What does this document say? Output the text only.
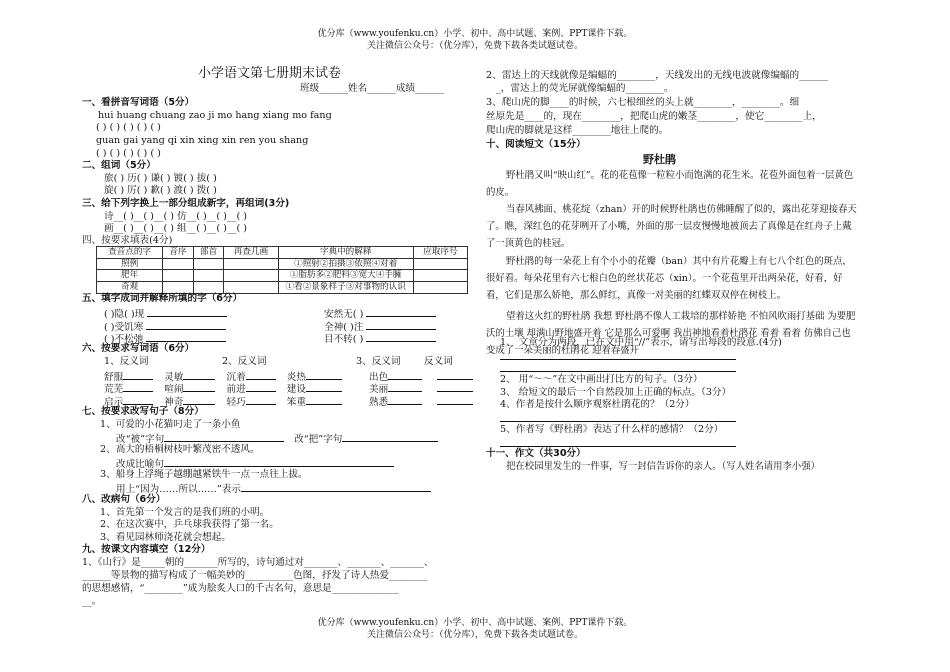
优分库（www.youfenku.cn）小学、初中、高中试题、案例、PPT课件下载。
关注微信公众号：（优分库），免费下载各类试题试卷。
优分库（www.youfenku.cn）小学、初中、高中试题、案例、PPT课件下载。
关注微信公众号：（优分库），免费下载各类试题试卷。
小学语文第七册期末试卷
班级______姓名______成绩______
一、看拼音写词语（5分）
hui huang chuang zao ji mo hang xiang mo fang
( ) ( ) ( ) ( ) ( )
guan gai yang qi xin xing xin ren you shang
( ) ( ) ( ) ( ) ( )
二、组词（5分）
旅( ) 历( ) 谦( ) 镀( ) 拔( )
旋( ) 厉( ) 歉( ) 渡( ) 拨( )
三、给下列字换上一部分组成新字，再组词(3分)
诗__( )__( )__( ) 仿__( )__( )__( )
画__( )__( )__( ) 组__( )__( )__( )
四、按要求填表(4分)
查音点的字	音序	部首	再查几画	字典中的解释	应取序号
照例				①照射②拍摄③依照④对着	
肥年				①脂肪多②肥料③宽大④手臃	
奇观				①看②景象样子③对事物的认识	
五、填字成词并解释所填的字（6分）
( )隐( )现	安然无( )
( )受饥寒	全神( )注
( )不松弛	目不转( )
六、按要求写词语（6分）
1、反义词	2、反义词	3、反义词 反义词
舒服	灵敏	沉着	炎热	出色
荒芜	喧闹	前进	建设	美丽
启示	神奇	轻巧	笨重	熟悉
七、按要求改写句子（8分）
1、可爱的小花猫叼走了一条小鱼
改“被”字句	改“把”字句
2、高大的梧桐树枝叶繁茂密不透风。
改成比喻句
3、船身上浮绳子越绷越紧铁牛一点一点往上拔。
用上“因为……所以……”表示
八、改病句（6分）
1、首先第一个发言的是我们班的小明。
2、在这次赛中，乒乓球我获得了第一名。
3、看见园林师浇花就会想起。
九、按课文内容填空（12分）
1、《山行》是_____朝的_______所写的，诗句通过对_______、_______、_______、
______等景物的描写构成了一幅美妙的__________色图，抒发了诗人热爱________
的思想感情，“________”成为脍炙人口的千古名句，意思是______________
__。
2、雷达上的天线就像是编蝠的________，天线发出的无线电波就像编蝠的______
_，雷达上的荧光屏就像编蝠的________。
3、爬山虎的脚____的时候，六七根细丝的头上就________，________。细
丝原先是____的，现在________，把爬山虎的嫩茎________，使它________上，
爬山虎的脚就是这样________地往上爬的。
十、阅读短文（15分）
野杜鹃
野杜鹃又叫“映山红”。花的花苞像一粒粒小而饱满的花生米。花苞外面包着一层黄色的皮。
当春风拂面、桃花绽（zhan）开的时候野杜鹃也仿佛睡醒了似的，露出花芽迎接春天了。瞧，深红色的花芽咧开了小嘴，外面的那一层皮慢慢地被顶去了真像是在红舟子上戴了一顶黄色的桂冠。
野杜鹃的每一朵花上有个小小的花瓣（ban）其中有片花瓣上有七八个红色的斑点，很好看。每朵花里有六七根白色的丝状花芯（xin）。一个花苞里开出两朵花，好看，好看，它们是那么娇艳，那么鲜红，真像一对美丽的红蝶双双停在树枝上。
望着这火红的野杜鹃 我想 野杜鹃不像人工栽培的那样娇艳 不怕风吹雨打基础 为要肥沃的土壤 却满山野地盛开着 它是那么可爱啊 我出神地看着杜鹃花 看着 看着 仿佛自己也变成了一朵美丽的杜鹃花 迎着春盛开
1、 文章分为两段，已在文中用“//”表示，请写出每段的段意.(4分)
2、 用“～～”在文中画出打比方的句子。（3分）
3、 给短文的最后一个自然段加上正确的标点。（3分）
4、作者是按什么顺序观察杜鹃花的？（2分）
5、作者写《野杜鹃》表达了什么样的感情？（2分）
十一、作文（共30分）
把在校园里发生的一件事，写一封信告诉你的亲人。（写人姓名请用李小强）
